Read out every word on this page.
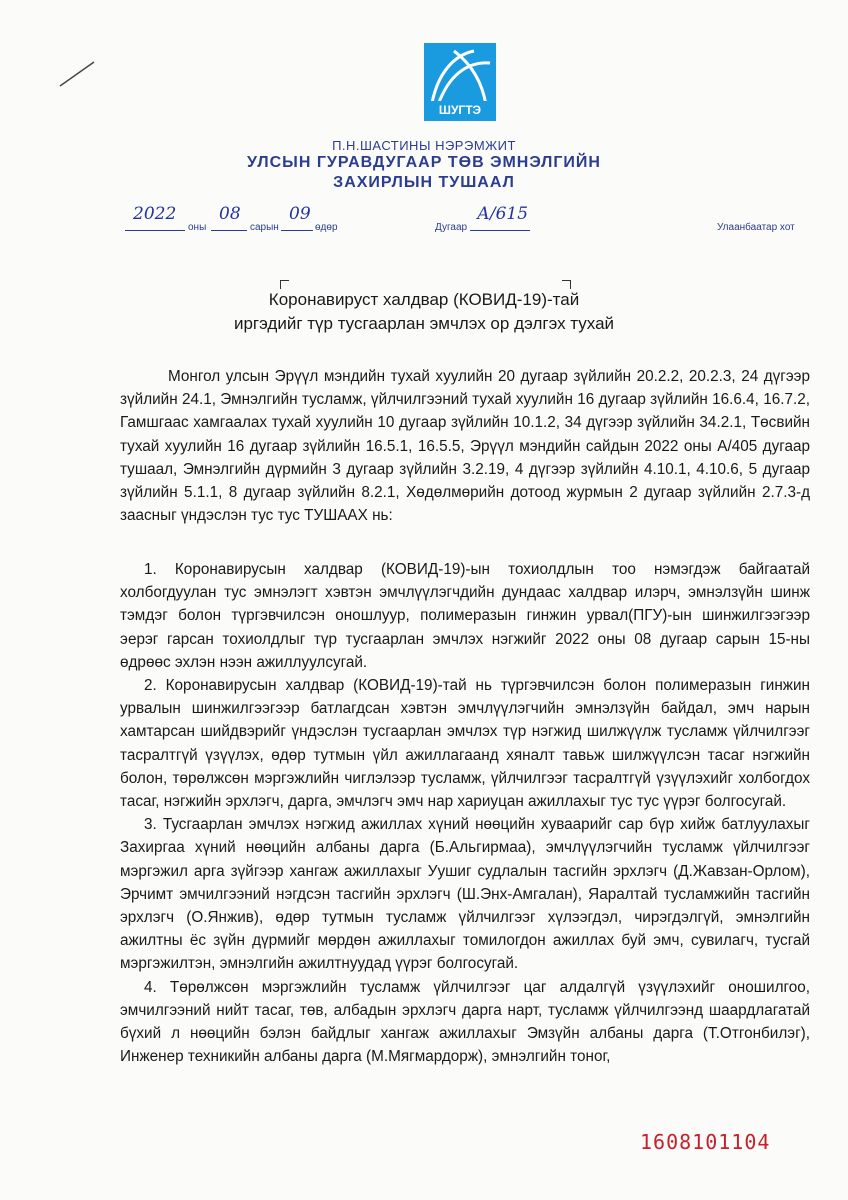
ШУГТЭ
П.Н.ШАСТИНЫ НЭРЭМЖИТ
УЛСЫН ГУРАВДУГААР ТӨВ ЭМНЭЛГИЙН
ЗАХИРЛЫН ТУШААЛ
2022
оны
08
сарын
09
өдөр	Дугаар
А/615
Улаанбаатар хот
Коронавируст халдвар (КОВИД-19)-тай
иргэдийг түр тусгаарлан эмчлэх ор дэлгэх тухай
Монгол улсын Эрүүл мэндийн тухай хуулийн 20 дугаар зүйлийн 20.2.2, 20.2.3, 24 дүгээр зүйлийн 24.1, Эмнэлгийн тусламж, үйлчилгээний тухай хуулийн 16 дугаар зүйлийн 16.6.4, 16.7.2, Гамшгаас хамгаалах тухай хуулийн 10 дугаар зүйлийн 10.1.2, 34 дүгээр зүйлийн 34.2.1, Төсвийн тухай хуулийн 16 дугаар зүйлийн 16.5.1, 16.5.5, Эрүүл мэндийн сайдын 2022 оны А/405 дугаар тушаал, Эмнэлгийн дүрмийн 3 дугаар зүйлийн 3.2.19, 4 дүгээр зүйлийн 4.10.1, 4.10.6, 5 дугаар зүйлийн 5.1.1, 8 дугаар зүйлийн 8.2.1, Хөдөлмөрийн дотоод журмын 2 дугаар зүйлийн 2.7.3-д заасныг үндэслэн тус тус ТУШААХ нь:

1. Коронавирусын халдвар (КОВИД-19)-ын тохиолдлын тоо нэмэгдэж байгаатай холбогдуулан тус эмнэлэгт хэвтэн эмчлүүлэгчдийн дундаас халдвар илэрч, эмнэлзүйн шинж тэмдэг болон түргэвчилсэн оношлуур, полимеразын гинжин урвал(ПГУ)-ын шинжилгээгээр эерэг гарсан тохиолдлыг түр тусгаарлан эмчлэх нэгжийг 2022 оны 08 дугаар сарын 15-ны өдрөөс эхлэн нээн ажиллуулсугай.

2. Коронавирусын халдвар (КОВИД-19)-тай нь түргэвчилсэн болон полимеразын гинжин урвалын шинжилгээгээр батлагдсан хэвтэн эмчлүүлэгчийн эмнэлзүйн байдал, эмч нарын хамтарсан шийдвэрийг үндэслэн тусгаарлан эмчлэх түр нэгжид шилжүүлж тусламж үйлчилгээг тасралтгүй үзүүлэх, өдөр тутмын үйл ажиллагаанд хяналт тавьж шилжүүлсэн тасаг нэгжийн болон, төрөлжсөн мэргэжлийн чиглэлээр тусламж, үйлчилгээг тасралтгүй үзүүлэхийг холбогдох тасаг, нэгжийн эрхлэгч, дарга, эмчлэгч эмч нар хариуцан ажиллахыг тус тус үүрэг болгосугай.

3. Тусгаарлан эмчлэх нэгжид ажиллах хүний нөөцийн хуваарийг сар бүр хийж батлуулахыг Захиргаа хүний нөөцийн албаны дарга (Б.Альгирмаа), эмчлүүлэгчийн тусламж үйлчилгээг мэргэжил арга зүйгээр хангаж ажиллахыг Уушиг судлалын тасгийн эрхлэгч (Д.Жавзан-Орлом), Эрчимт эмчилгээний нэгдсэн тасгийн эрхлэгч (Ш.Энх-Амгалан), Яаралтай тусламжийн тасгийн эрхлэгч (О.Янжив), өдөр тутмын тусламж үйлчилгээг хүлээгдэл, чирэгдэлгүй, эмнэлгийн ажилтны ёс зүйн дүрмийг мөрдөн ажиллахыг томилогдон ажиллах буй эмч, сувилагч, тусгай мэргэжилтэн, эмнэлгийн ажилтнуудад үүрэг болгосугай.

4. Төрөлжсөн мэргэжлийн тусламж үйлчилгээг цаг алдалгүй үзүүлэхийг оношилгоо, эмчилгээний нийт тасаг, төв, албадын эрхлэгч дарга нарт, тусламж үйлчилгээнд шаардлагатай бүхий л нөөцийн бэлэн байдлыг хангаж ажиллахыг Эмзүйн албаны дарга (Т.Отгонбилэг), Инженер техникийн албаны дарга (М.Мягмардорж), эмнэлгийн тоног,

1608101104
